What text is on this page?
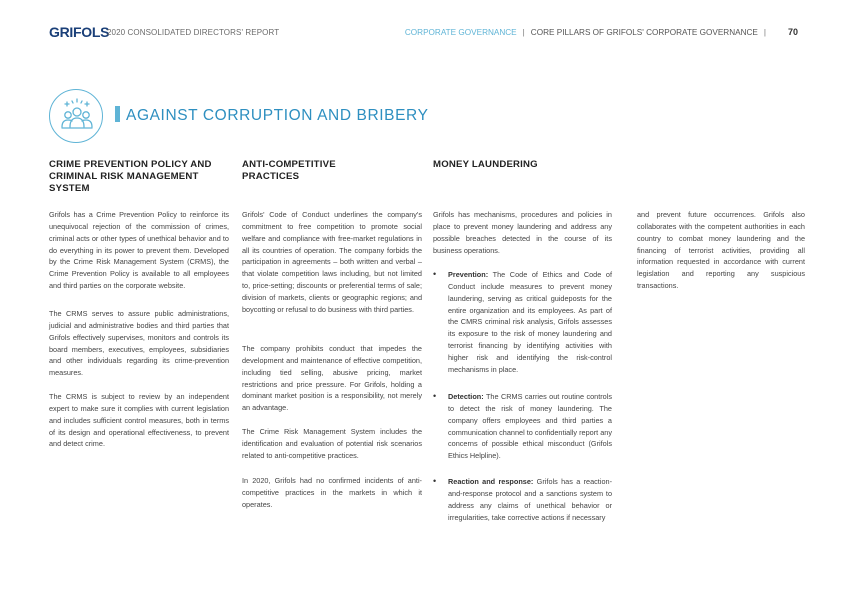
GRIFOLS
2020 CONSOLIDATED DIRECTORS' REPORT	CORPORATE GOVERNANCE | CORE PILLARS OF GRIFOLS' CORPORATE GOVERNANCE |	70
AGAINST CORRUPTION AND BRIBERY
CRIME PREVENTION POLICY AND
CRIMINAL RISK MANAGEMENT
SYSTEM
ANTI-COMPETITIVE
PRACTICES
MONEY LAUNDERING

Grifols has a Crime Prevention Policy to reinforce its unequivocal rejection of the commission of crimes, criminal acts or other types of unethical behavior and to do everything in its power to prevent them. Developed by the Crime Risk Management System (CRMS), the Crime Prevention Policy is available to all employees and third parties on the corporate website.

The CRMS serves to assure public administrations, judicial and administrative bodies and third parties that Grifols effectively supervises, monitors and controls its board members, executives, employees, subsidiaries and other individuals regarding its crime-prevention measures.

The CRMS is subject to review by an independent expert to make sure it complies with current legislation and includes sufficient control measures, both in terms of its design and operational effectiveness, to prevent and detect crime.

Grifols' Code of Conduct underlines the company's commitment to free competition to promote social welfare and compliance with free-market regulations in all its countries of operation. The company forbids the participation in agreements – both written and verbal – that violate competition laws including, but not limited to, price-setting; discounts or preferential terms of sale; division of markets, clients or geographic regions; and boycotting or refusal to do business with third parties.

The company prohibits conduct that impedes the development and maintenance of effective competition, including tied selling, abusive pricing, market restrictions and price pressure. For Grifols, holding a dominant market position is a responsibility, not merely an advantage.

The Crime Risk Management System includes the identification and evaluation of potential risk scenarios related to anti-competitive practices.

In 2020, Grifols had no confirmed incidents of anti-competitive practices in the markets in which it operates.

Grifols has mechanisms, procedures and policies in place to prevent money laundering and address any possible breaches detected in the course of its business operations.

• Prevention: The Code of Ethics and Code of Conduct include measures to prevent money laundering, serving as critical guideposts for the entire organization and its employees. As part of the CMRS criminal risk analysis, Grifols assesses its exposure to the risk of money laundering and terrorist financing by identifying activities with higher risk and identifying the risk-control mechanisms in place.
• Detection: The CRMS carries out routine controls to detect the risk of money laundering. The company offers employees and third parties a communication channel to confidentially report any concerns of possible ethical misconduct (Grifols Ethics Helpline).
• Reaction and response: Grifols has a reaction-and-response protocol and a sanctions system to address any claims of unethical behavior or irregularities, take corrective actions if necessary

and prevent future occurrences. Grifols also collaborates with the competent authorities in each country to combat money laundering and the financing of terrorist activities, providing all information requested in accordance with current legislation and reporting any suspicious transactions.
